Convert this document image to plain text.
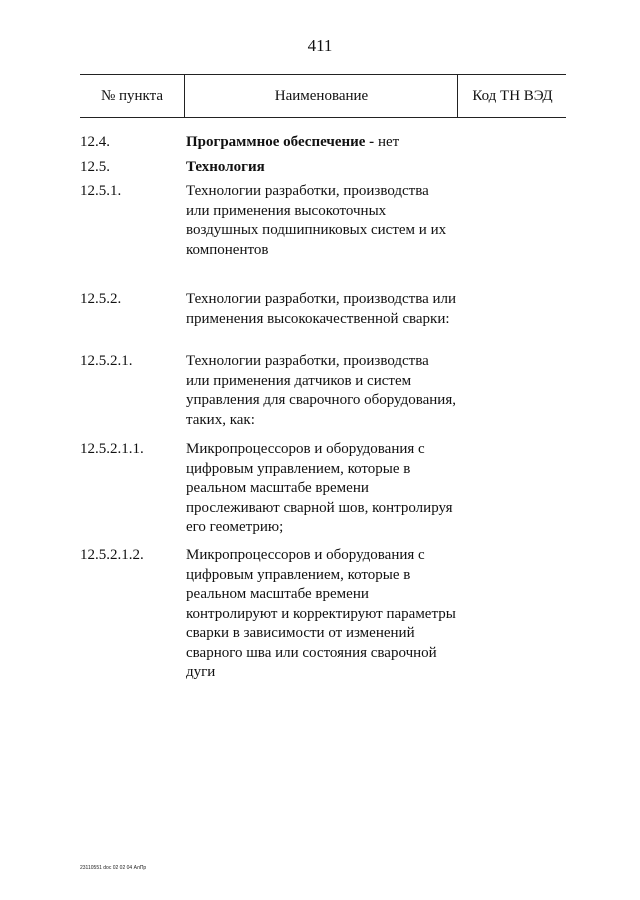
411
№ пункта	Наименование	Код ТН ВЭД
12.4.	Программное обеспечение - нет
12.5.	Технология
12.5.1.	Технологии разработки, производства или применения высокоточных воздушных подшипниковых систем и их компонентов
12.5.2.	Технологии разработки, производства или применения высококачественной сварки:
12.5.2.1.	Технологии разработки, производства или применения датчиков и систем управления для сварочного оборудования, таких, как:
12.5.2.1.1.	Микропроцессоров и оборудования с цифровым управлением, которые в реальном масштабе времени прослеживают сварной шов, контролируя его геометрию;
12.5.2.1.2.	Микропроцессоров и оборудования с цифровым управлением, которые в реальном масштабе времени контролируют и корректируют параметры сварки в зависимости от изменений сварного шва или состояния сварочной дуги
23110551 doc 02 02 04 АлПр
